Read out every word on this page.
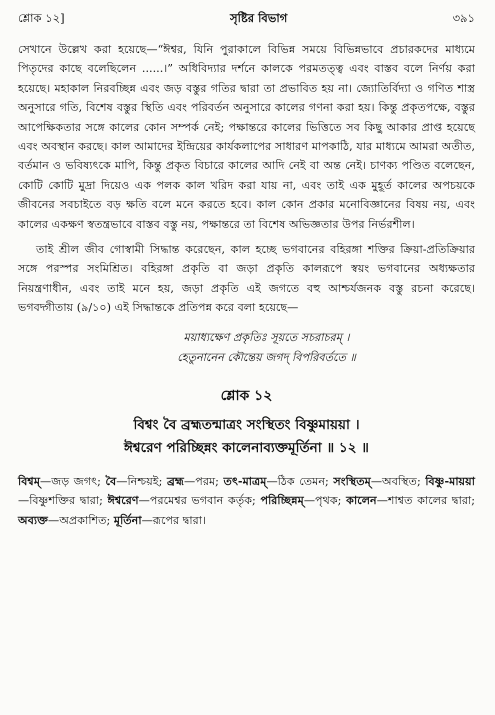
শ্লোক ১২]	সৃষ্টির বিভাগ	৩৯১

সেখানে উল্লেখ করা হয়েছে—“ঈশ্বর, যিনি পুরাকালে বিভিন্ন সময়ে বিভিন্নভাবে প্রচারকদের মাধ্যমে পিতৃদের কাছে বলেছিলেন ......।” অধিবিদ্যার দর্শনে কালকে পরমতত্ত্ব এবং বাস্তব বলে নির্ণয় করা হয়েছে। মহাকাল নিরবচ্ছিন্ন এবং জড় বস্তুর গতির দ্বারা তা প্রভাবিত হয় না। জ্যোতির্বিদ্যা ও গণিত শাস্ত্র অনুসারে গতি, বিশেষ বস্তুর স্থিতি এবং পরিবর্তন অনুসারে কালের গণনা করা হয়। কিন্তু প্রকৃতপক্ষে, বস্তুর আপেক্ষিকতার সঙ্গে কালের কোন সম্পর্ক নেই; পক্ষান্তরে কালের ভিত্তিতে সব কিছু আকার প্রাপ্ত হয়েছে এবং অবস্থান করছে। কাল আমাদের ইন্দ্রিয়ের কার্যকলাপের সাধারণ মাপকাঠি, যার মাধ্যমে আমরা অতীত, বর্তমান ও ভবিষ্যৎকে মাপি, কিন্তু প্রকৃত বিচারে কালের আদি নেই বা অন্ত নেই। চাণক্য পণ্ডিত বলেছেন, কোটি কোটি মুদ্রা দিয়েও এক পলক কাল খরিদ করা যায় না, এবং তাই এক মুহূর্ত কালের অপচয়কে জীবনের সবচাইতে বড় ক্ষতি বলে মনে করতে হবে। কাল কোন প্রকার মনোবিজ্ঞানের বিষয় নয়, এবং কালের একক্ষণ স্বতন্ত্রভাবে বাস্তব বস্তু নয়, পক্ষান্তরে তা বিশেষ অভিজ্ঞতার উপর নির্ভরশীল।

তাই শ্রীল জীব গোস্বামী সিদ্ধান্ত করেছেন, কাল হচ্ছে ভগবানের বহিরঙ্গা শক্তির ক্রিয়া-প্রতিক্রিয়ার সঙ্গে পরস্পর সংমিশ্রিত। বহিরঙ্গা প্রকৃতি বা জড়া প্রকৃতি কালরূপে স্বয়ং ভগবানের অধ্যক্ষতার নিয়ন্ত্রণাধীন, এবং তাই মনে হয়, জড়া প্রকৃতি এই জগতে বহু আশ্চর্যজনক বস্তু রচনা করেছে। ভগবদ্গীতায় (৯/১০) এই সিদ্ধান্তকে প্রতিপন্ন করে বলা হয়েছে—

ময়াধ্যক্ষেণ প্রকৃতিঃ সূয়তে সচরাচরম্ ।
হেতুনানেন কৌন্তেয় জগদ্ বিপরিবর্ততে ॥
শ্লোক ১২
বিশ্বং বৈ ব্রহ্মতন্মাত্রং সংস্থিতং বিষ্ণুমায়য়া ।
ঈশ্বরেণ পরিচ্ছিন্নং কালেনাব্যক্তমূর্তিনা ॥ ১২ ॥
বিশ্বম্—জড় জগৎ; বৈ—নিশ্চয়ই; ব্রহ্ম—পরম; তৎ-মাত্রম্—ঠিক তেমন; সংস্থিতম্—অবস্থিত; বিষ্ণু-মায়য়া—বিষ্ণুশক্তির দ্বারা; ঈশ্বরেণ—পরমেশ্বর ভগবান কর্তৃক; পরিচ্ছিন্নম্—পৃথক; কালেন—শাশ্বত কালের দ্বারা; অব্যক্ত—অপ্রকাশিত; মূর্তিনা—রূপের দ্বারা।
